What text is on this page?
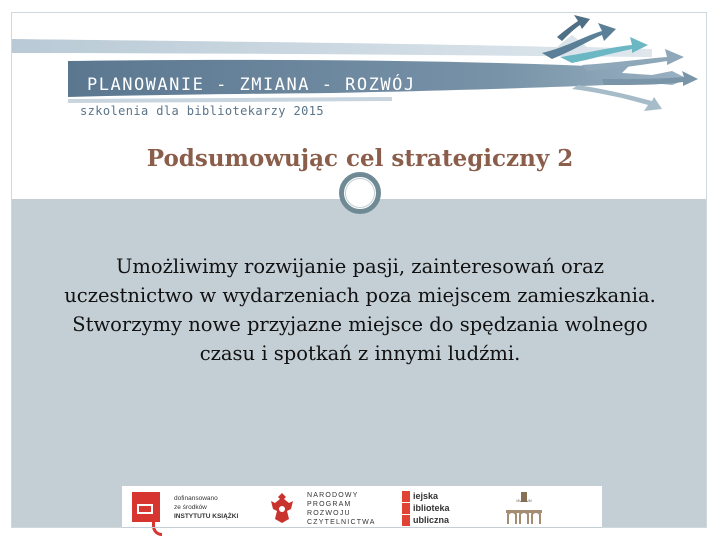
PLANOWANIE - ZMIANA - ROZWÓJ
szkolenia dla bibliotekarzy 2015
Podsumowując cel strategiczny 2

Umożliwimy rozwijanie pasji, zainteresowań oraz

uczestnictwo w wydarzeniach poza miejscem zamieszkania.

Stworzymy nowe przyjazne miejsce do spędzania wolnego

czasu i spotkań z innymi ludźmi.

dofinansowano
ze środków
INSTYTUTU KSIĄŻKI
NARODOWY
PROGRAM
ROZWOJU
CZYTELNICTWA
iejska
iblioteka
ubliczna
MUZEUM
